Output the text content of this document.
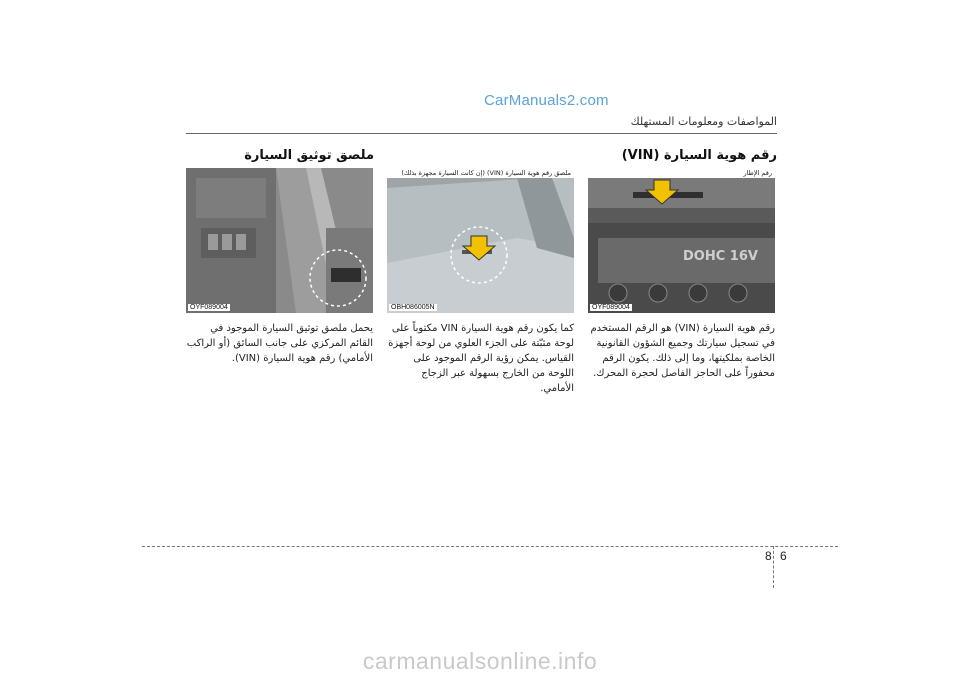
CarManuals2.com
المواصفات ومعلومات المستهلك
رقم هوية السيارة (VIN)
ملصق توثيق السيارة
OYF089004
ملصق رقم هوية السيارة (VIN) (إن كانت السيارة مجهزة بذلك)
OBH086005N
DOHC 16V
رقم الإطار
OYF089004
رقم هوية السيارة (VIN) هو الرقم المستخدم في تسجيل سيارتك وجميع الشؤون القانونية الخاصة بملكيتها، وما إلى ذلك. يكون الرقم محفوراً على الحاجز الفاصل لحجرة المحرك.
كما يكون رقم هوية السيارة VIN مكتوباً على لوحة مثبّتة على الجزء العلوي من لوحة أجهزة القياس. يمكن رؤية الرقم الموجود على اللوحة من الخارج بسهولة عبر الزجاج الأمامي.
يحمل ملصق توثيق السيارة الموجود في القائم المركزي على جانب السائق (أو الراكب الأمامي) رقم هوية السيارة (VIN).
8 6
carmanualsonline.info
